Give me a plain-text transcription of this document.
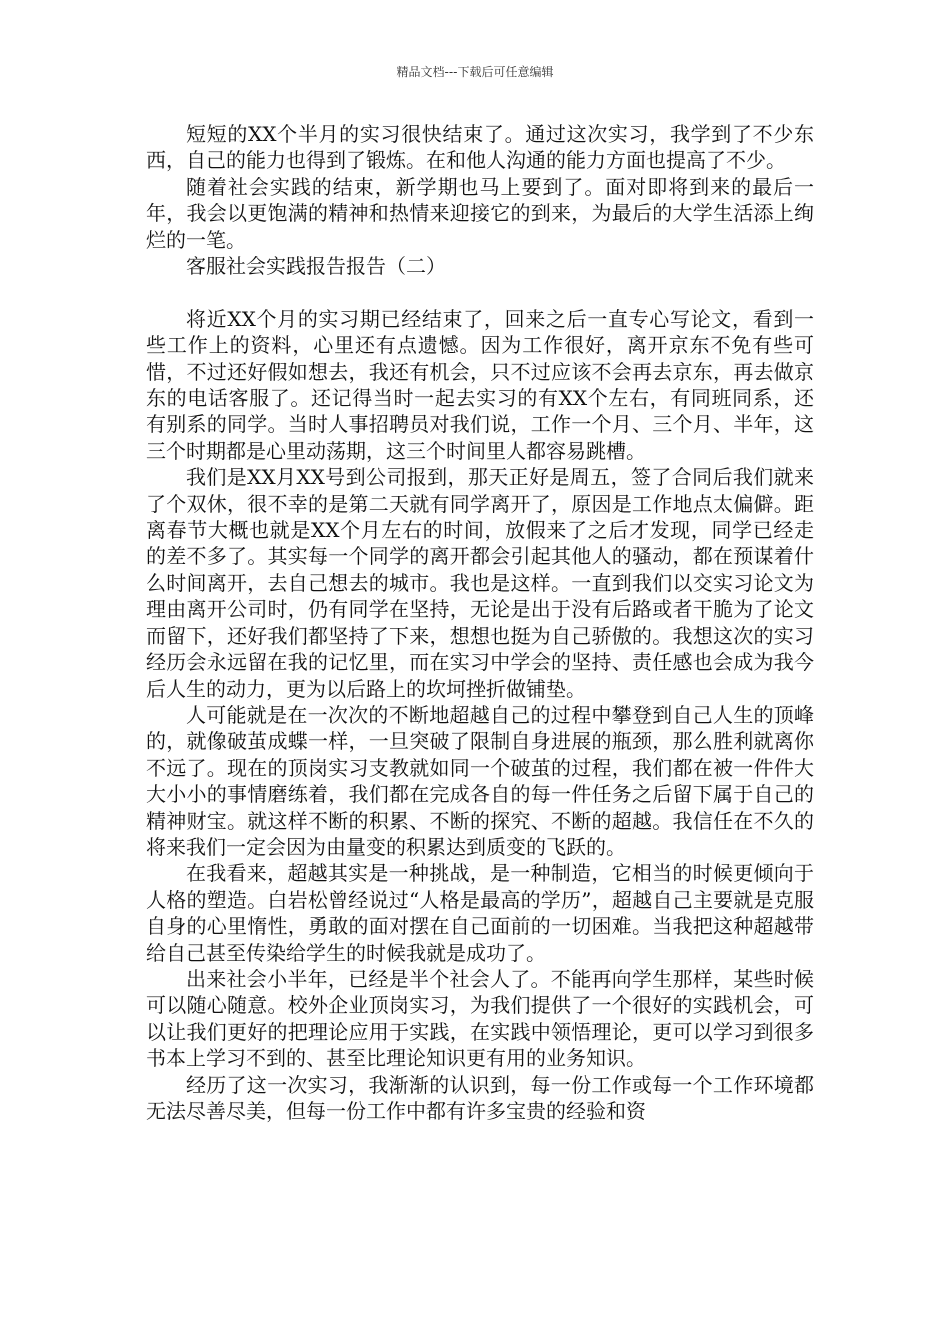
精品文档---下载后可任意编辑

短短的XX个半月的实习很快结束了。通过这次实习，我学到了不少东西，自己的能力也得到了锻炼。在和他人沟通的能力方面也提高了不少。

随着社会实践的结束，新学期也马上要到了。面对即将到来的最后一年，我会以更饱满的精神和热情来迎接它的到来，为最后的大学生活添上绚烂的一笔。

客服社会实践报告报告（二）

将近XX个月的实习期已经结束了，回来之后一直专心写论文，看到一些工作上的资料，心里还有点遗憾。因为工作很好，离开京东不免有些可惜，不过还好假如想去，我还有机会，只不过应该不会再去京东，再去做京东的电话客服了。还记得当时一起去实习的有XX个左右，有同班同系，还有别系的同学。当时人事招聘员对我们说，工作一个月、三个月、半年，这三个时期都是心里动荡期，这三个时间里人都容易跳槽。

我们是XX月XX号到公司报到，那天正好是周五，签了合同后我们就来了个双休，很不幸的是第二天就有同学离开了，原因是工作地点太偏僻。距离春节大概也就是XX个月左右的时间，放假来了之后才发现，同学已经走的差不多了。其实每一个同学的离开都会引起其他人的骚动，都在预谋着什么时间离开，去自己想去的城市。我也是这样。一直到我们以交实习论文为理由离开公司时，仍有同学在坚持，无论是出于没有后路或者干脆为了论文而留下，还好我们都坚持了下来，想想也挺为自己骄傲的。我想这次的实习经历会永远留在我的记忆里，而在实习中学会的坚持、责任感也会成为我今后人生的动力，更为以后路上的坎坷挫折做铺垫。

人可能就是在一次次的不断地超越自己的过程中攀登到自己人生的顶峰的，就像破茧成蝶一样，一旦突破了限制自身进展的瓶颈，那么胜利就离你不远了。现在的顶岗实习支教就如同一个破茧的过程，我们都在被一件件大大小小的事情磨练着，我们都在完成各自的每一件任务之后留下属于自己的精神财宝。就这样不断的积累、不断的探究、不断的超越。我信任在不久的将来我们一定会因为由量变的积累达到质变的飞跃的。

在我看来，超越其实是一种挑战，是一种制造，它相当的时候更倾向于人格的塑造。白岩松曾经说过“人格是最高的学历”，超越自己主要就是克服自身的心里惰性，勇敢的面对摆在自己面前的一切困难。当我把这种超越带给自己甚至传染给学生的时候我就是成功了。

出来社会小半年，已经是半个社会人了。不能再向学生那样，某些时候可以随心随意。校外企业顶岗实习，为我们提供了一个很好的实践机会，可以让我们更好的把理论应用于实践，在实践中领悟理论，更可以学习到很多书本上学习不到的、甚至比理论知识更有用的业务知识。

经历了这一次实习，我渐渐的认识到，每一份工作或每一个工作环境都无法尽善尽美，但每一份工作中都有许多宝贵的经验和资
